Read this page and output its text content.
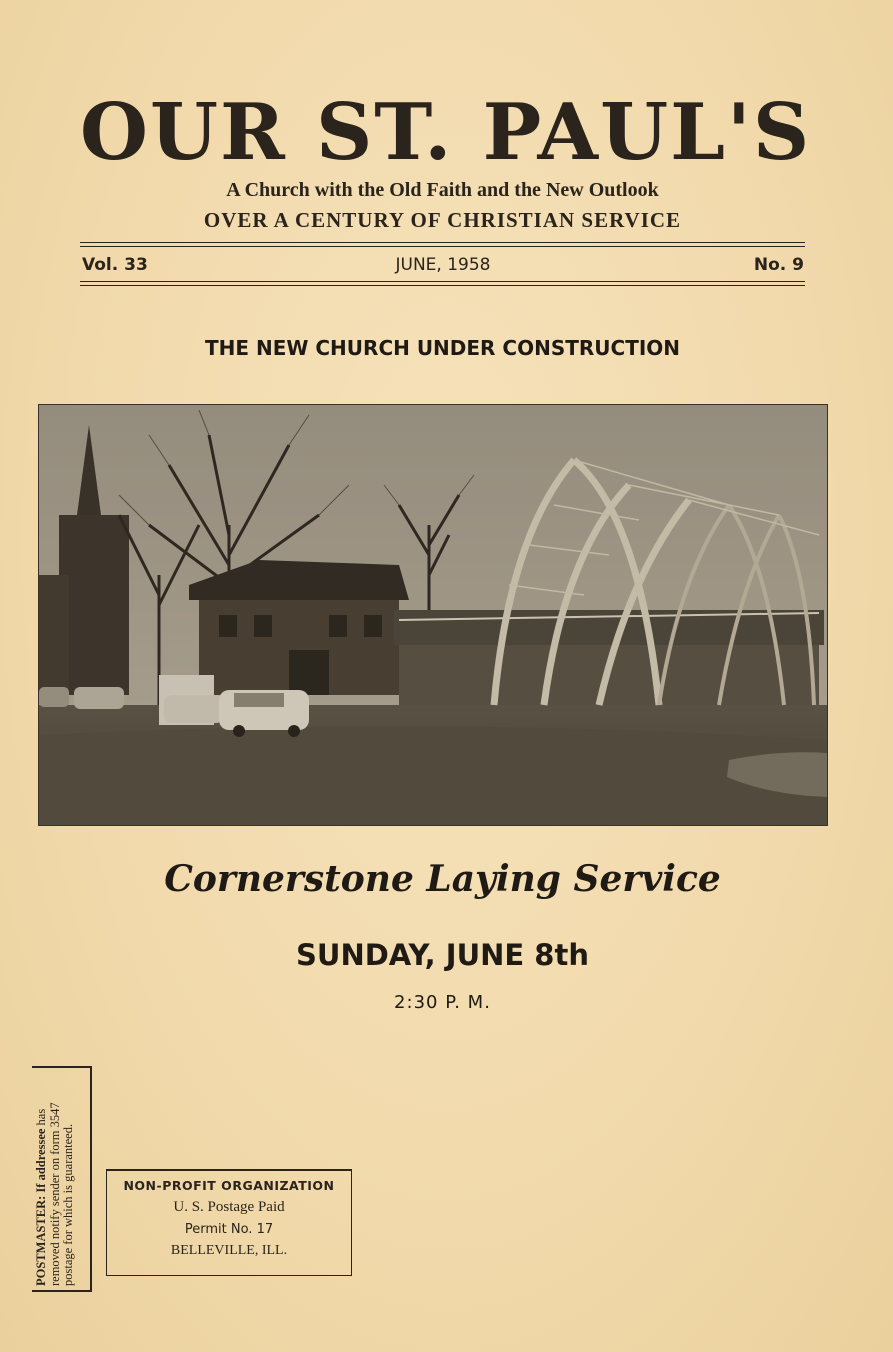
OUR ST. PAUL'S
A Church with the Old Faith and the New Outlook
OVER A CENTURY OF CHRISTIAN SERVICE
JUNE, 1958
Vol. 33	No. 9
THE NEW CHURCH UNDER CONSTRUCTION
Cornerstone Laying Service
SUNDAY, JUNE 8th
2:30 P. M.
POSTMASTER: If addressee has removed notify sender on form 3547 postage for which is guaranteed.	NON-PROFIT ORGANIZATION
U. S. Postage Paid
Permit No. 17
BELLEVILLE, ILL.
